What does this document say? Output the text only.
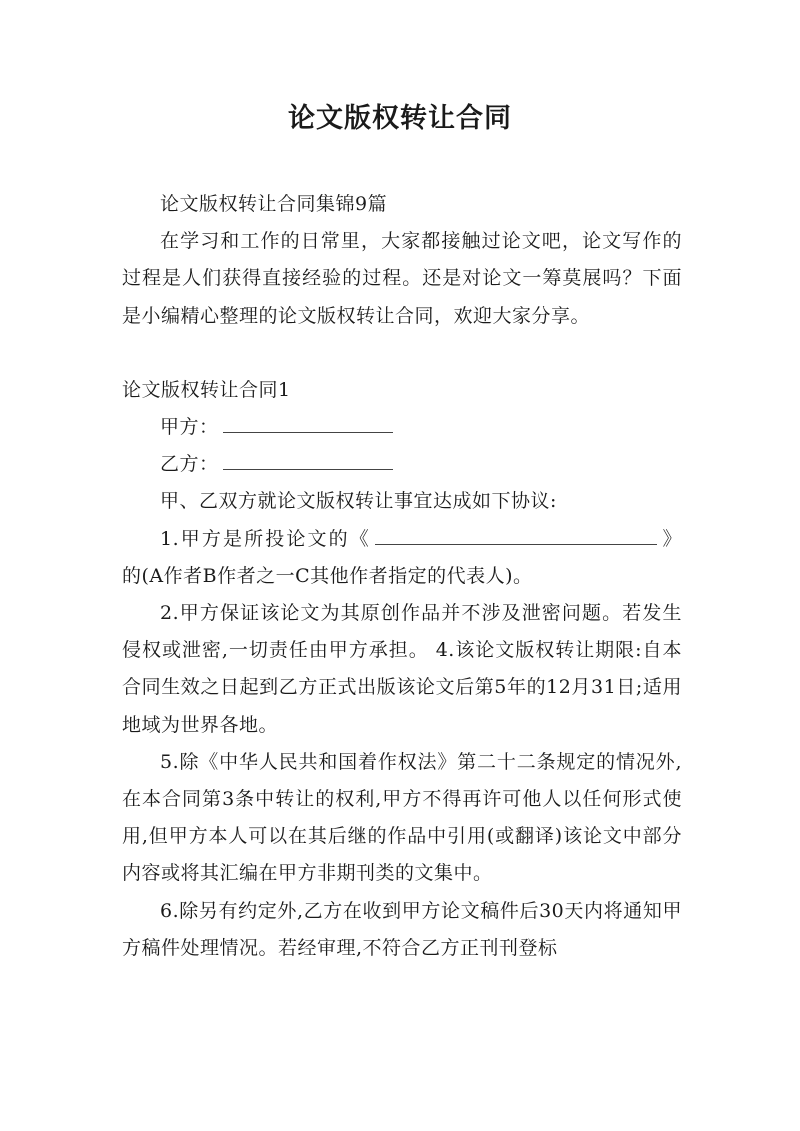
论文版权转让合同

论文版权转让合同集锦9篇

在学习和工作的日常里，大家都接触过论文吧，论文写作的过程是人们获得直接经验的过程。还是对论文一筹莫展吗？下面是小编精心整理的论文版权转让合同，欢迎大家分享。

论文版权转让合同1

甲方：

乙方：

甲、乙双方就论文版权转让事宜达成如下协议:

1.甲方是所投论文的《	》的(A作者B作者之一C其他作者指定的代表人)。

2.甲方保证该论文为其原创作品并不涉及泄密问题。若发生侵权或泄密,一切责任由甲方承担。 4.该论文版权转让期限:自本合同生效之日起到乙方正式出版该论文后第5年的12月31日;适用地域为世界各地。

5.除《中华人民共和国着作权法》第二十二条规定的情况外,在本合同第3条中转让的权利,甲方不得再许可他人以任何形式使用,但甲方本人可以在其后继的作品中引用(或翻译)该论文中部分内容或将其汇编在甲方非期刊类的文集中。

6.除另有约定外,乙方在收到甲方论文稿件后30天内将通知甲方稿件处理情况。若经审理,不符合乙方正刊刊登标
